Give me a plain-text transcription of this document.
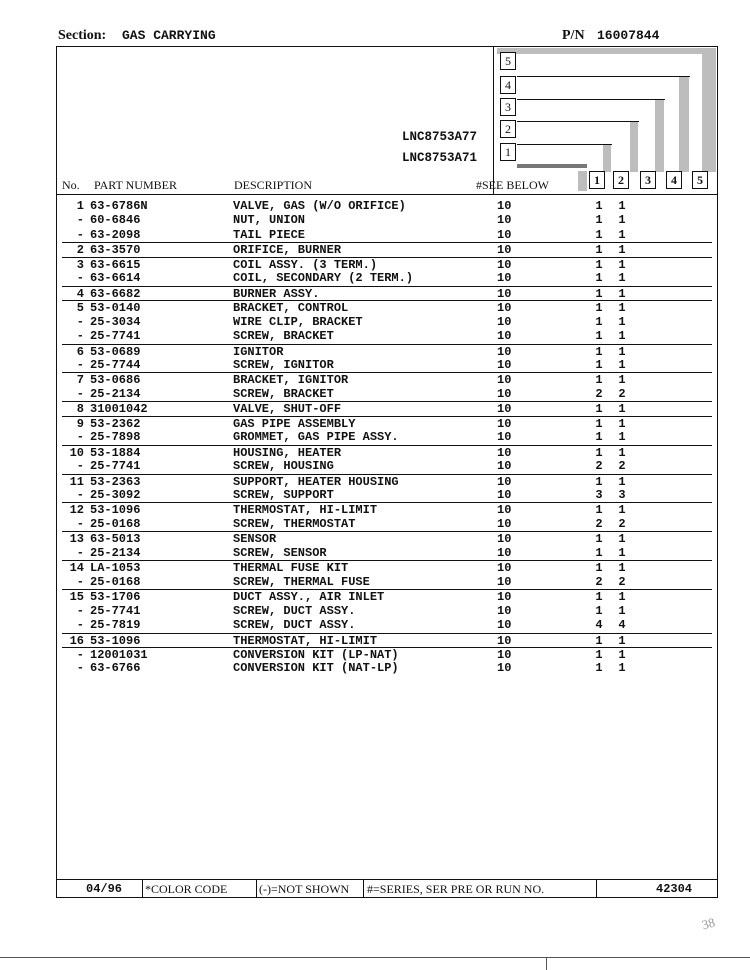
Section: GAS CARRYING	P/N 16007844
5
4
3
2
1
1	2	3	4	5
LNC8753A77
LNC8753A71
No. PART NUMBER	DESCRIPTION	#SEE BELOW
1 63-6786N	VALVE, GAS (W/O ORIFICE)	10	1 1
- 60-6846	NUT, UNION	10	1 1
- 63-2098	TAIL PIECE	10	1 1
2 63-3570	ORIFICE, BURNER	10	1 1
3 63-6615	COIL ASSY. (3 TERM.)	10	1 1
- 63-6614	COIL, SECONDARY (2 TERM.)	10	1 1
4 63-6682	BURNER ASSY.	10	1 1
5 53-0140	BRACKET, CONTROL	10	1 1
- 25-3034	WIRE CLIP, BRACKET	10	1 1
- 25-7741	SCREW, BRACKET	10	1 1
6 53-0689	IGNITOR	10	1 1
- 25-7744	SCREW, IGNITOR	10	1 1
7 53-0686	BRACKET, IGNITOR	10	1 1
- 25-2134	SCREW, BRACKET	10	2 2
8 31001042	VALVE, SHUT-OFF	10	1 1
9 53-2362	GAS PIPE ASSEMBLY	10	1 1
- 25-7898	GROMMET, GAS PIPE ASSY.	10	1 1
10 53-1884	HOUSING, HEATER	10	1 1
- 25-7741	SCREW, HOUSING	10	2 2
11 53-2363	SUPPORT, HEATER HOUSING	10	1 1
- 25-3092	SCREW, SUPPORT	10	3 3
12 53-1096	THERMOSTAT, HI-LIMIT	10	1 1
- 25-0168	SCREW, THERMOSTAT	10	2 2
13 63-5013	SENSOR	10	1 1
- 25-2134	SCREW, SENSOR	10	1 1
14 LA-1053	THERMAL FUSE KIT	10	1 1
- 25-0168	SCREW, THERMAL FUSE	10	2 2
15 53-1706	DUCT ASSY., AIR INLET	10	1 1
- 25-7741	SCREW, DUCT ASSY.	10	1 1
- 25-7819	SCREW, DUCT ASSY.	10	4 4
16 53-1096	THERMOSTAT, HI-LIMIT	10	1 1
- 12001031	CONVERSION KIT (LP-NAT)	10	1 1
- 63-6766	CONVERSION KIT (NAT-LP)	10	1 1
04/96 *COLOR CODE	(-)=NOT SHOWN #=SERIES, SER PRE OR RUN NO.	42304
38
